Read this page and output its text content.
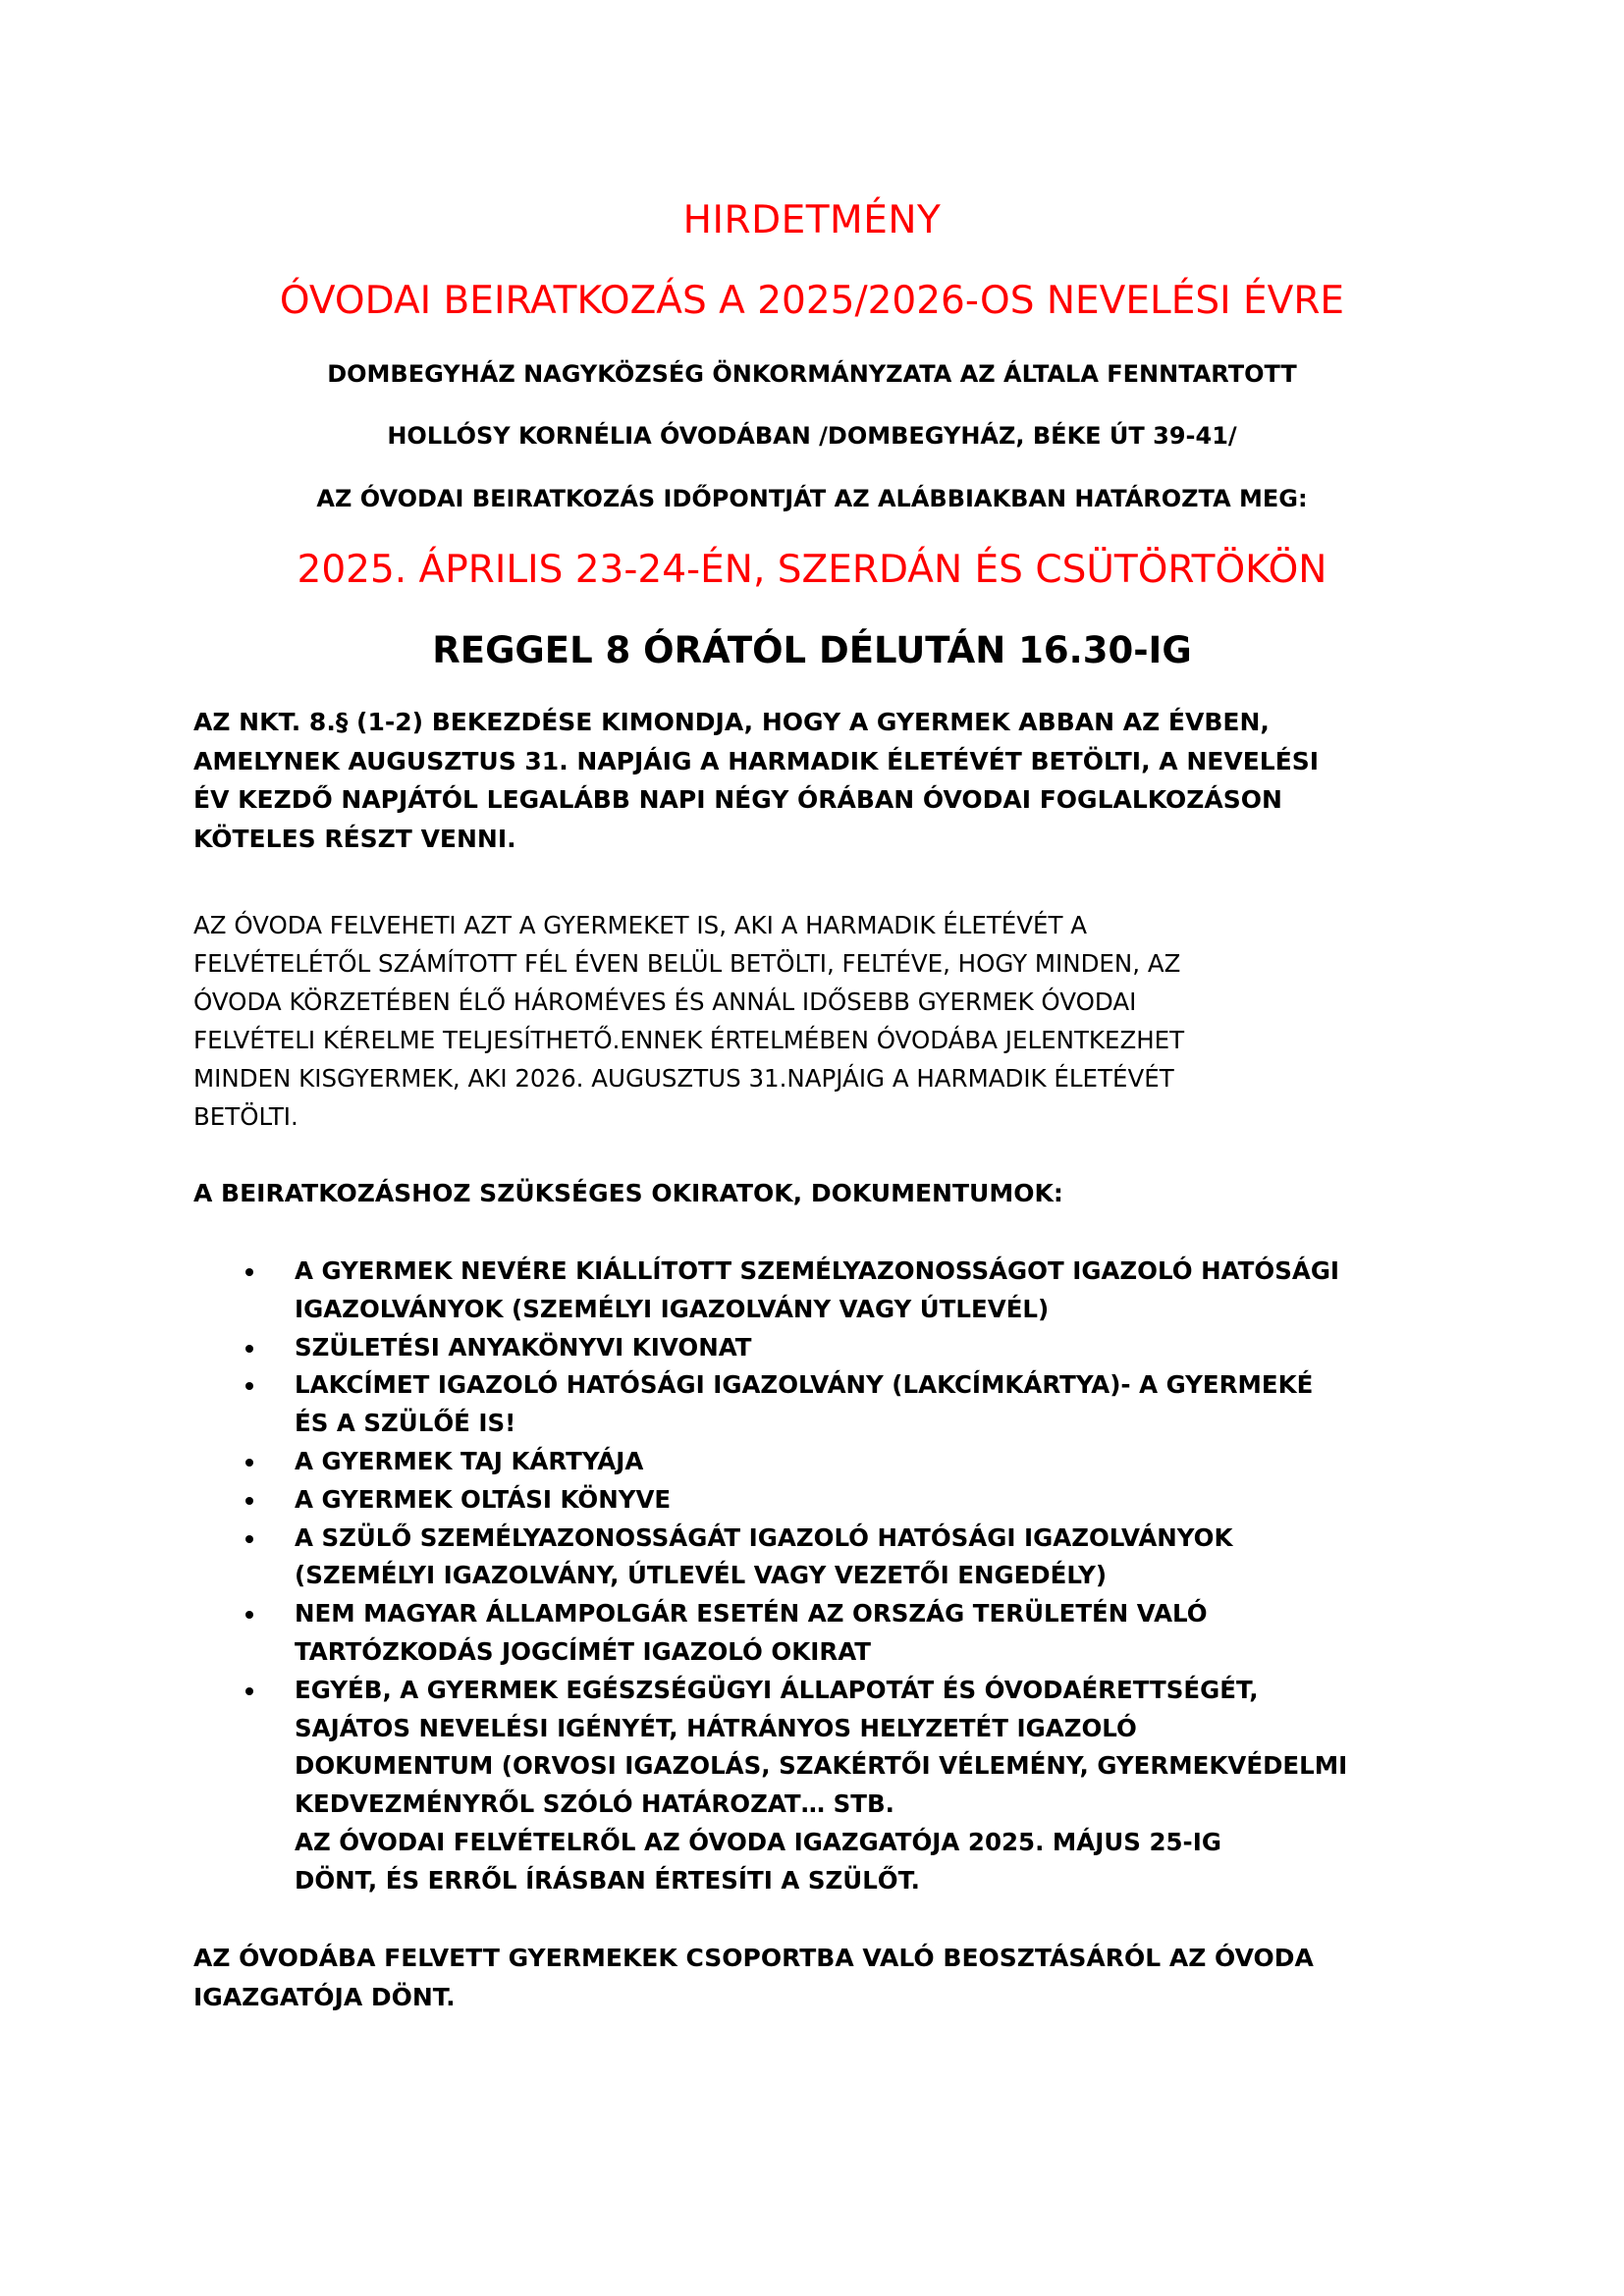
HIRDETMÉNY
ÓVODAI BEIRATKOZÁS A 2025/2026-OS NEVELÉSI ÉVRE
DOMBEGYHÁZ NAGYKÖZSÉG ÖNKORMÁNYZATA AZ ÁLTALA FENNTARTOTT
HOLLÓSY KORNÉLIA ÓVODÁBAN /DOMBEGYHÁZ, BÉKE ÚT 39-41/
AZ ÓVODAI BEIRATKOZÁS IDŐPONTJÁT AZ ALÁBBIAKBAN HATÁROZTA MEG:
2025. ÁPRILIS 23-24-ÉN, SZERDÁN ÉS CSÜTÖRTÖKÖN
REGGEL 8 ÓRÁTÓL DÉLUTÁN 16.30-IG
AZ NKT. 8.§ (1-2) BEKEZDÉSE KIMONDJA, HOGY A GYERMEK ABBAN AZ ÉVBEN,
AMELYNEK AUGUSZTUS 31. NAPJÁIG A HARMADIK ÉLETÉVÉT BETÖLTI, A NEVELÉSI
ÉV KEZDŐ NAPJÁTÓL LEGALÁBB NAPI NÉGY ÓRÁBAN ÓVODAI FOGLALKOZÁSON
KÖTELES RÉSZT VENNI.
AZ ÓVODA FELVEHETI AZT A GYERMEKET IS, AKI A HARMADIK ÉLETÉVÉT A
FELVÉTELÉTŐL SZÁMÍTOTT FÉL ÉVEN BELÜL BETÖLTI, FELTÉVE, HOGY MINDEN, AZ
ÓVODA KÖRZETÉBEN ÉLŐ HÁROMÉVES ÉS ANNÁL IDŐSEBB GYERMEK ÓVODAI
FELVÉTELI KÉRELME TELJESÍTHETŐ.ENNEK ÉRTELMÉBEN ÓVODÁBA JELENTKEZHET
MINDEN KISGYERMEK, AKI 2026. AUGUSZTUS 31.NAPJÁIG A HARMADIK ÉLETÉVÉT
BETÖLTI.
A BEIRATKOZÁSHOZ SZÜKSÉGES OKIRATOK, DOKUMENTUMOK:
A GYERMEK NEVÉRE KIÁLLÍTOTT SZEMÉLYAZONOSSÁGOT IGAZOLÓ HATÓSÁGI
IGAZOLVÁNYOK (SZEMÉLYI IGAZOLVÁNY VAGY ÚTLEVÉL)
SZÜLETÉSI ANYAKÖNYVI KIVONAT
LAKCÍMET IGAZOLÓ HATÓSÁGI IGAZOLVÁNY (LAKCÍMKÁRTYA)- A GYERMEKÉ
ÉS A SZÜLŐÉ IS!
A GYERMEK TAJ KÁRTYÁJA
A GYERMEK OLTÁSI KÖNYVE
A SZÜLŐ SZEMÉLYAZONOSSÁGÁT IGAZOLÓ HATÓSÁGI IGAZOLVÁNYOK
(SZEMÉLYI IGAZOLVÁNY, ÚTLEVÉL VAGY VEZETŐI ENGEDÉLY)
NEM MAGYAR ÁLLAMPOLGÁR ESETÉN AZ ORSZÁG TERÜLETÉN VALÓ
TARTÓZKODÁS JOGCÍMÉT IGAZOLÓ OKIRAT
EGYÉB, A GYERMEK EGÉSZSÉGÜGYI ÁLLAPOTÁT ÉS ÓVODAÉRETTSÉGÉT,
SAJÁTOS NEVELÉSI IGÉNYÉT, HÁTRÁNYOS HELYZETÉT IGAZOLÓ
DOKUMENTUM (ORVOSI IGAZOLÁS, SZAKÉRTŐI VÉLEMÉNY, GYERMEKVÉDELMI
KEDVEZMÉNYRŐL SZÓLÓ HATÁROZAT… STB.
AZ ÓVODAI FELVÉTELRŐL AZ ÓVODA IGAZGATÓJA 2025. MÁJUS 25-IG
DÖNT, ÉS ERRŐL ÍRÁSBAN ÉRTESÍTI A SZÜLŐT.
AZ ÓVODÁBA FELVETT GYERMEKEK CSOPORTBA VALÓ BEOSZTÁSÁRÓL AZ ÓVODA
IGAZGATÓJA DÖNT.
